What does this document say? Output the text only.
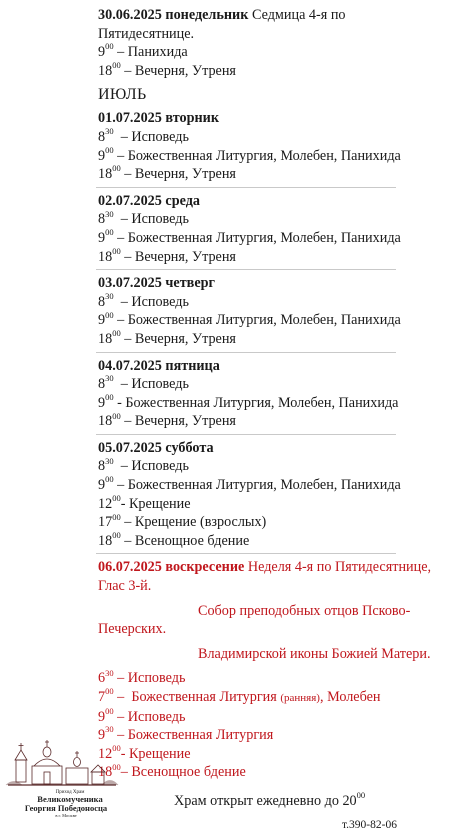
30.06.2025 понедельник Седмица 4-я по
Пятидесятнице.
$9^{00}$ – Панихида
$18^{00}$ – Вечерня, Утреня
ИЮЛЬ
01.07.2025 вторник
$8^{30}$  – Исповедь
$9^{00}$ – Божественная Литургия, Молебен, Панихида
$18^{00}$ – Вечерня, Утреня
02.07.2025 среда
$8^{30}$  – Исповедь
$9^{00}$ – Божественная Литургия, Молебен, Панихида
$18^{00}$ – Вечерня, Утреня
03.07.2025 четверг
$8^{30}$  – Исповедь
$9^{00}$ – Божественная Литургия, Молебен, Панихида
$18^{00}$ – Вечерня, Утреня
04.07.2025 пятница
$8^{30}$  – Исповедь
$9^{00}$ - Божественная Литургия, Молебен, Панихида
$18^{00}$ – Вечерня, Утреня
05.07.2025 суббота
$8^{30}$  – Исповедь
$9^{00}$ – Божественная Литургия, Молебен, Панихида
$12^{00}-$ Крещение
$17^{00}$ – Крещение (взрослых)
$18^{00}$ – Всенощное бдение
06.07.2025 воскресение Неделя 4-я по Пятидесятнице,
Глас 3-й.
Собор преподобных отцов Псково-
Печерских.
Владимирской иконы Божией Матери.
$6^{30}$ – Исповедь
$7^{00}$ –  Божественная Литургия (ранняя), Молебен
$9^{00}$ – Исповедь
$9^{30}$ – Божественная Литургия
$12^{00}-$ Крещение
$18^{00}-$ Всенощное бдение
Храм открыт ежедневно до $20^{00}$
т.390-82-06
Приход Храм
Великомученика
Георгия Победоносца
в г. Москве
